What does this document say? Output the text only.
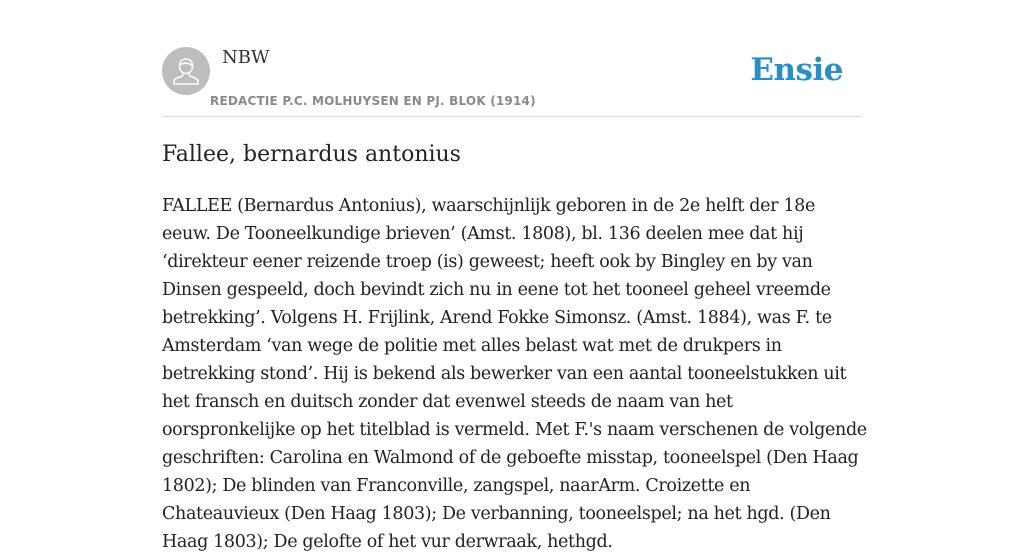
NBW
REDACTIE P.C. MOLHUYSEN EN PJ. BLOK (1914)
Ensie
Fallee, bernardus antonius

FALLEE (Bernardus Antonius), waarschijnlijk geboren in de 2e helft der 18e eeuw. De Tooneelkundige brieven’ (Amst. 1808), bl. 136 deelen mee dat hij ‘direkteur eener reizende troep (is) geweest; heeft ook by Bingley en by van Dinsen gespeeld, doch bevindt zich nu in eene tot het tooneel geheel vreemde betrekking’. Volgens H. Frijlink, Arend Fokke Simonsz. (Amst. 1884), was F. te Amsterdam ‘van wege de politie met alles belast wat met de drukpers in betrekking stond’. Hij is bekend als bewerker van een aantal tooneelstukken uit het fransch en duitsch zonder dat evenwel steeds de naam van het oorspronkelijke op het titelblad is vermeld. Met F.'s naam verschenen de volgende geschriften: Carolina en Walmond of de geboefte misstap, tooneelspel (Den Haag 1802); De blinden van Franconville, zangspel, naarArm. Croizette en Chateauvieux (Den Haag 1803); De verbanning, tooneelspel; na het hgd. (Den Haag 1803); De gelofte of het vur derwraak, hethgd.
